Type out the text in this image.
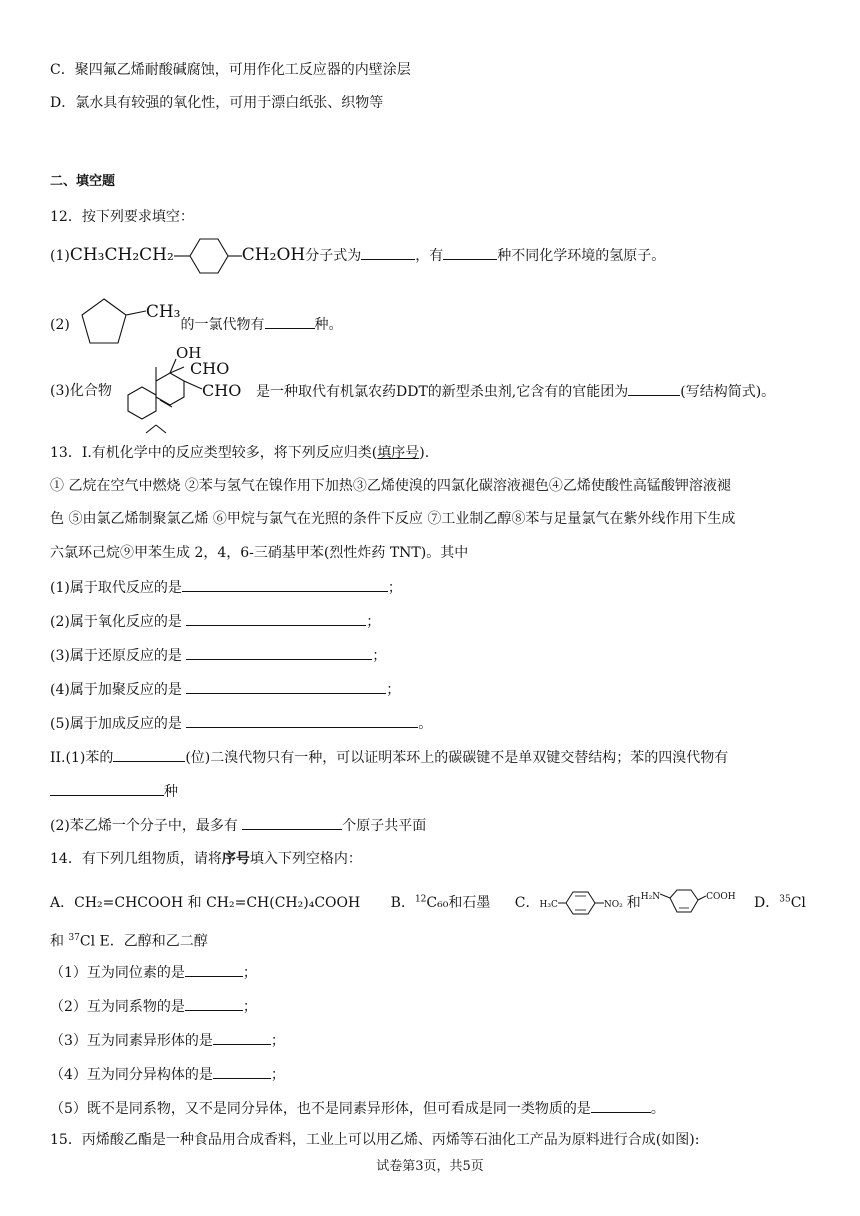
C．聚四氟乙烯耐酸碱腐蚀，可用作化工反应器的内壁涂层
D．氯水具有较强的氧化性，可用于漂白纸张、织物等
二、填空题
12．按下列要求填空：
(1)CH₃CH₂CH₂	CH₂OH分子式为	，有	种不同化学环境的氢原子。
(2)CH₃的一氯代物有	种。
(3)化合物
OH
CHO
CHO 是一种取代有机氯农药DDT的新型杀虫剂,它含有的官能团为	(写结构简式)。
13．I.有机化学中的反应类型较多，将下列反应归类(填序号).
① 乙烷在空气中燃烧 ②苯与氢气在镍作用下加热③乙烯使溴的四氯化碳溶液褪色④乙烯使酸性高锰酸钾溶液褪
色 ⑤由氯乙烯制聚氯乙烯 ⑥甲烷与氯气在光照的条件下反应 ⑦工业制乙醇⑧苯与足量氯气在紫外线作用下生成
六氯环己烷⑨甲苯生成 2，4，6-三硝基甲苯(烈性炸药 TNT)。其中
(1)属于取代反应的是	；
(2)属于氧化反应的是	；
(3)属于还原反应的是	；
(4)属于加聚反应的是	；
(5)属于加成反应的是	。
II.(1)苯的	(位)二溴代物只有一种，可以证明苯环上的碳碳键不是单双键交替结构；苯的四溴代物有
种
(2)苯乙烯一个分子中，最多有	个原子共平面
14．有下列几组物质，请将序号填入下列空格内：
A．CH₂=CHCOOH 和 CH₂=CH(CH₂)₄COOH B．$^{12}$C₆₀和石墨 C．H₃C	NO₂ 和$^{H_2N}$	$^{COOH}$ D．$^{35}$Cl
和 $^{37}$Cl E．乙醇和乙二醇
（1）互为同位素的是	；
（2）互为同系物的是	；
（3）互为同素异形体的是	；
（4）互为同分异构体的是	；
（5）既不是同系物，又不是同分异体，也不是同素异形体，但可看成是同一类物质的是	。
15．丙烯酸乙酯是一种食品用合成香料，工业上可以用乙烯、丙烯等石油化工产品为原料进行合成(如图):
试卷第3页，共5页
